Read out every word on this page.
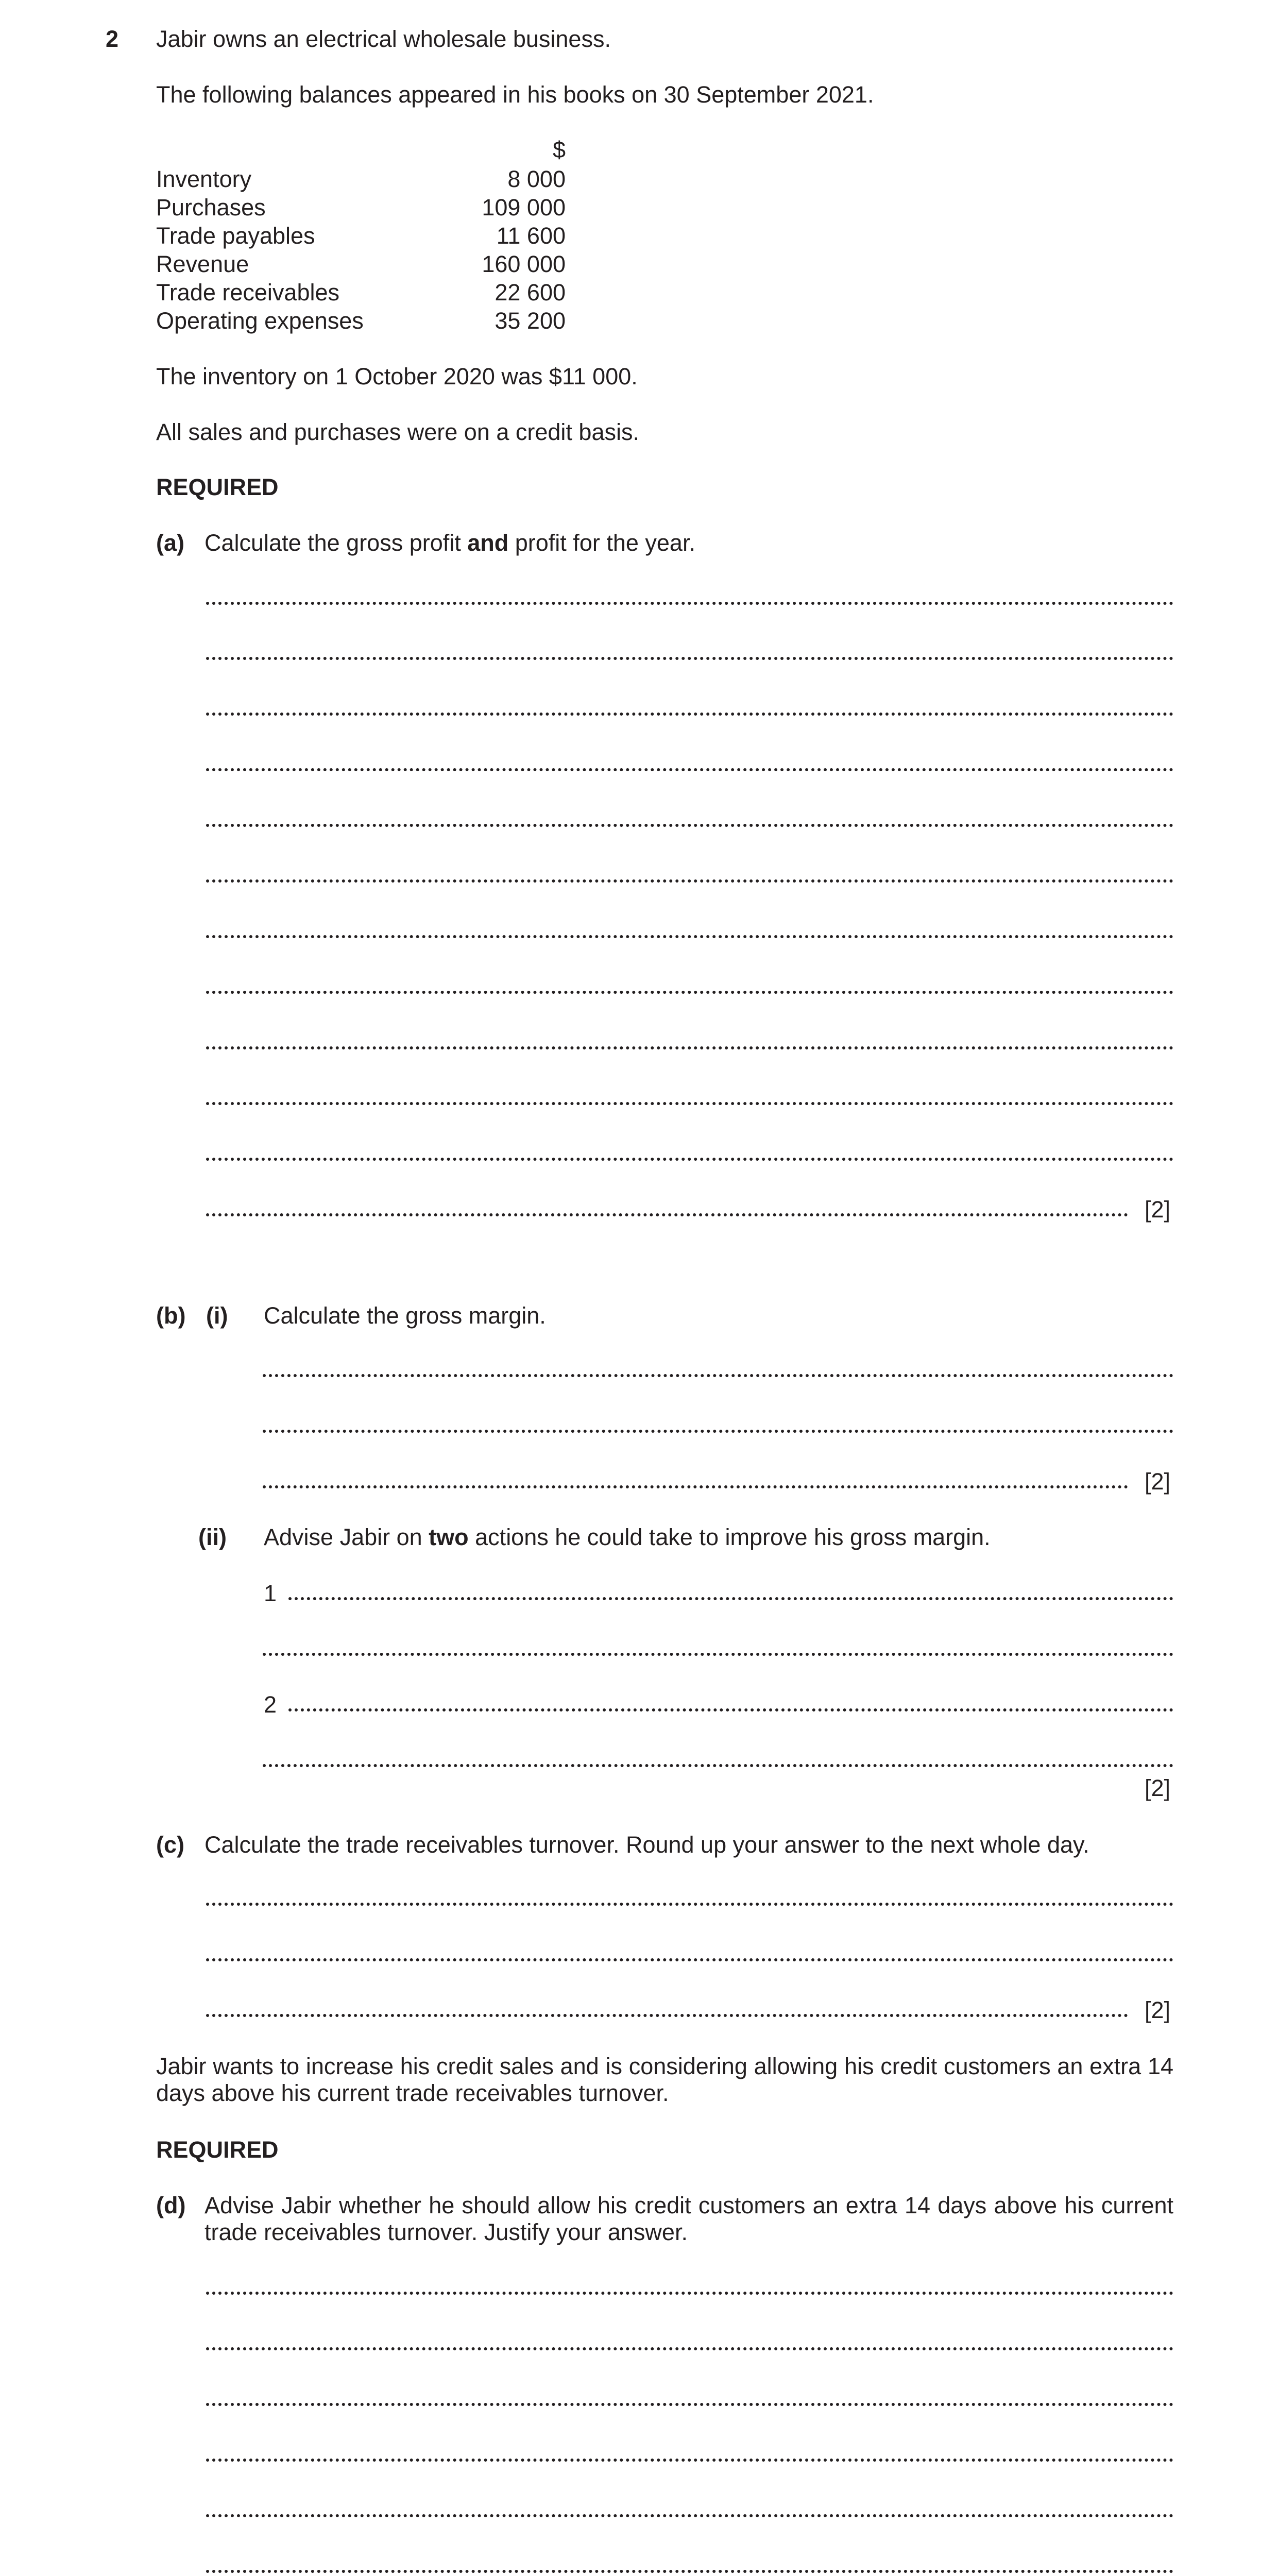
2 Jabir owns an electrical wholesale business.
The following balances appeared in his books on 30 September 2021.
$
Inventory	8 000
Purchases	109 000
Trade payables	11 600
Revenue	160 000
Trade receivables	22 600
Operating expenses	35 200
The inventory on 1 October 2020 was $11 000.
All sales and purchases were on a credit basis.
REQUIRED
(a) Calculate the gross profit and profit for the year.
[2]
(b) (i) Calculate the gross margin.
[2]
(ii) Advise Jabir on two actions he could take to improve his gross margin.
1
2
[2]
(c) Calculate the trade receivables turnover. Round up your answer to the next whole day.
[2]
Jabir wants to increase his credit sales and is considering allowing his credit customers an extra 14 days above his current trade receivables turnover.
REQUIRED
(d) Advise Jabir whether he should allow his credit customers an extra 14 days above his current trade receivables turnover. Justify your answer.
